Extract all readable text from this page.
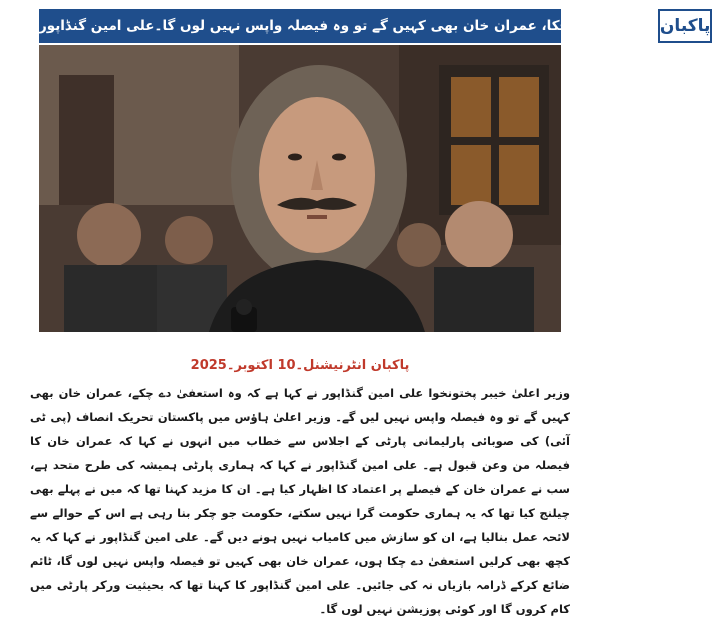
استعفیٰ دے چکا، عمران خان بھی کہیں گے تو وہ فیصلہ واپس نہیں لوں گا۔علی امین گنڈاپور پاکبان
پاکبان انٹرنیشنل۔10 اکتوبر۔2025

وزیر اعلیٰ خیبر پختونخوا علی امین گنڈاپور نے کہا ہے کہ وہ استعفیٰ دے چکے، عمران خان بھی کہیں گے تو وہ فیصلہ واپس نہیں لیں گے۔ وزیر اعلیٰ ہاؤس میں پاکستان تحریک انصاف (پی ٹی آئی) کی صوبائی پارلیمانی پارٹی کے اجلاس سے خطاب میں انہوں نے کہا کہ عمران خان کا فیصلہ من وعن قبول ہے۔ علی امین گنڈاپور نے کہا کہ ہماری پارٹی ہمیشہ کی طرح متحد ہے، سب نے عمران خان کے فیصلے پر اعتماد کا اظہار کیا ہے۔ ان کا مزید کہنا تھا کہ میں نے پہلے بھی چیلنج کیا تھا کہ یہ ہماری حکومت گرا نہیں سکتے، حکومت جو چکر بنا رہی ہے اس کے حوالے سے لائحہ عمل بنالیا ہے، ان کو سازش میں کامیاب نہیں ہونے دیں گے۔ علی امین گنڈاپور نے کہا کہ یہ کچھ بھی کرلیں استعفیٰ دے چکا ہوں، عمران خان بھی کہیں تو فیصلہ واپس نہیں لوں گا، ٹائم ضائع کرکے ڈرامہ بازیاں نہ کی جائیں۔ علی امین گنڈاپور کا کہنا تھا کہ بحیثیت ورکر پارٹی میں کام کروں گا اور کوئی پوزیشن نہیں لوں گا۔
